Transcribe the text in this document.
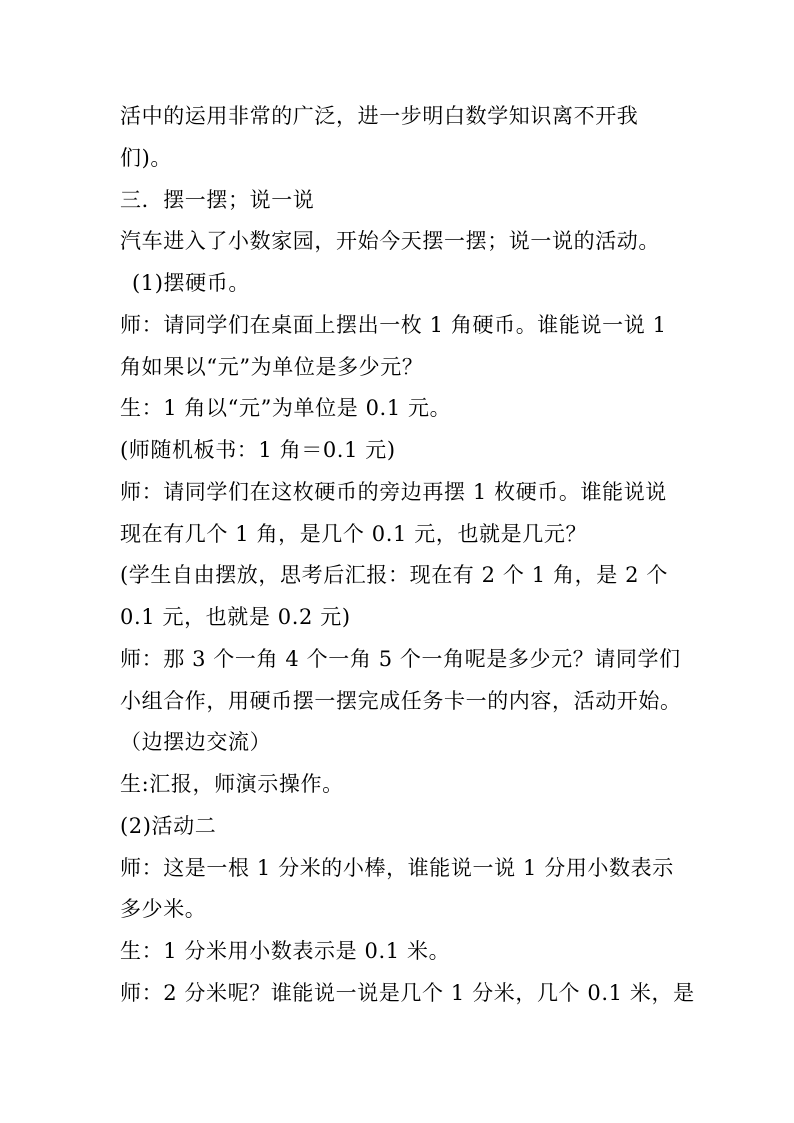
活中的运用非常的广泛，进一步明白数学知识离不开我
们)。
三．摆一摆；说一说
汽车进入了小数家园，开始今天摆一摆；说一说的活动。
(1)摆硬币。
师：请同学们在桌面上摆出一枚 1 角硬币。谁能说一说 1
角如果以“元”为单位是多少元？
生：1 角以“元”为单位是 0.1 元。
(师随机板书：1 角＝0.1 元)
师：请同学们在这枚硬币的旁边再摆 1 枚硬币。谁能说说
现在有几个 1 角，是几个 0.1 元，也就是几元？
(学生自由摆放，思考后汇报：现在有 2 个 1 角，是 2 个
0.1 元，也就是 0.2 元)
师：那 3 个一角 4 个一角 5 个一角呢是多少元？请同学们
小组合作，用硬币摆一摆完成任务卡一的内容，活动开始。
（边摆边交流）
生:汇报，师演示操作。
(2)活动二
师：这是一根 1 分米的小棒，谁能说一说 1 分用小数表示
多少米。
生：1 分米用小数表示是 0.1 米。
师：2 分米呢？谁能说一说是几个 1 分米，几个 0.1 米，是
